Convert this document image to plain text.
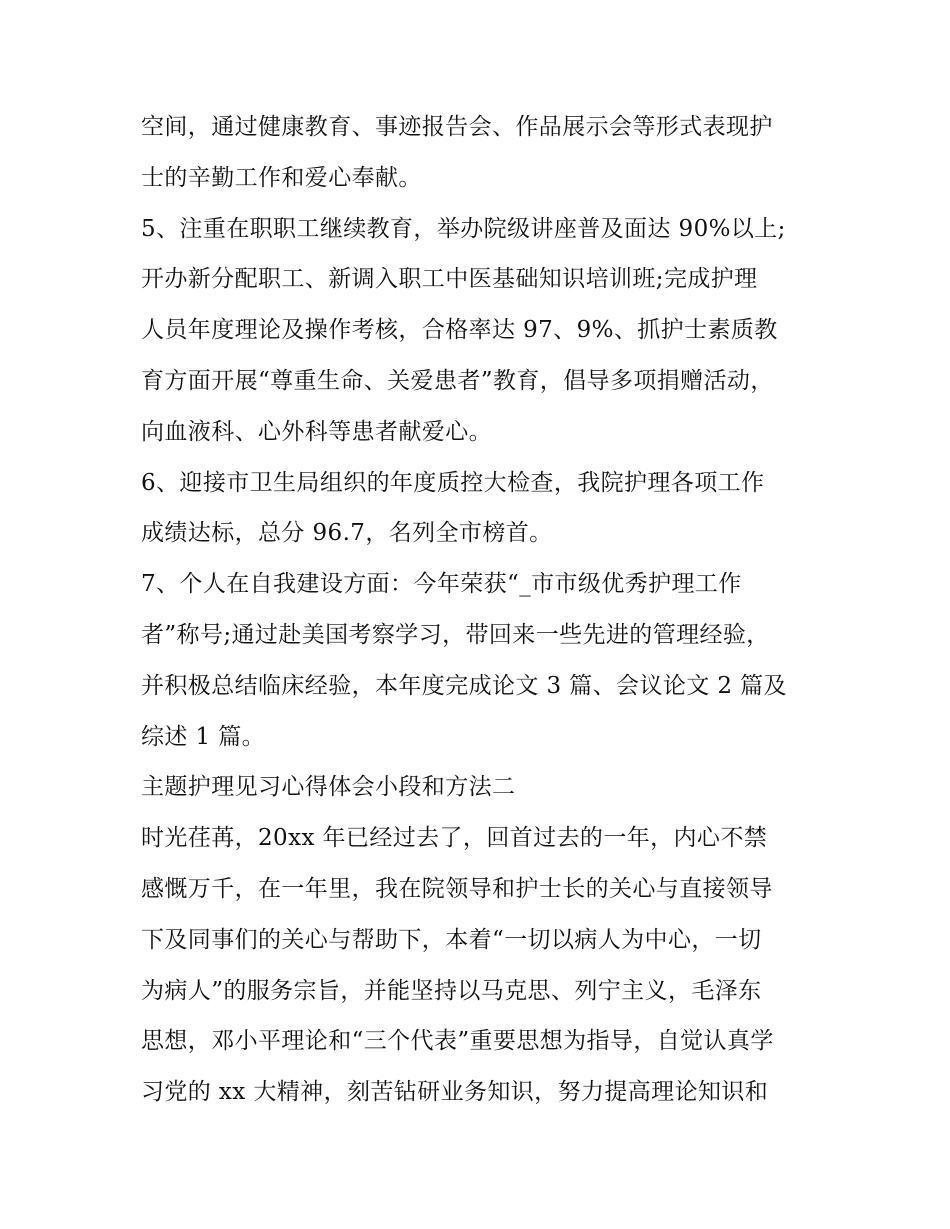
空间，通过健康教育、事迹报告会、作品展示会等形式表现护
士的辛勤工作和爱心奉献。
5、注重在职职工继续教育，举办院级讲座普及面达 90%以上;
开办新分配职工、新调入职工中医基础知识培训班;完成护理
人员年度理论及操作考核，合格率达 97、9%、抓护士素质教
育方面开展“尊重生命、关爱患者”教育，倡导多项捐赠活动，
向血液科、心外科等患者献爱心。
6、迎接市卫生局组织的年度质控大检查，我院护理各项工作
成绩达标，总分 96.7，名列全市榜首。
7、个人在自我建设方面：今年荣获“_市市级优秀护理工作
者”称号;通过赴美国考察学习，带回来一些先进的管理经验，
并积极总结临床经验，本年度完成论文 3 篇、会议论文 2 篇及
综述 1 篇。
主题护理见习心得体会小段和方法二
时光荏苒，20xx 年已经过去了，回首过去的一年，内心不禁
感慨万千，在一年里，我在院领导和护士长的关心与直接领导
下及同事们的关心与帮助下，本着“一切以病人为中心，一切
为病人”的服务宗旨，并能坚持以马克思、列宁主义，毛泽东
思想，邓小平理论和“三个代表”重要思想为指导，自觉认真学
习党的 xx 大精神，刻苦钻研业务知识，努力提高理论知识和
